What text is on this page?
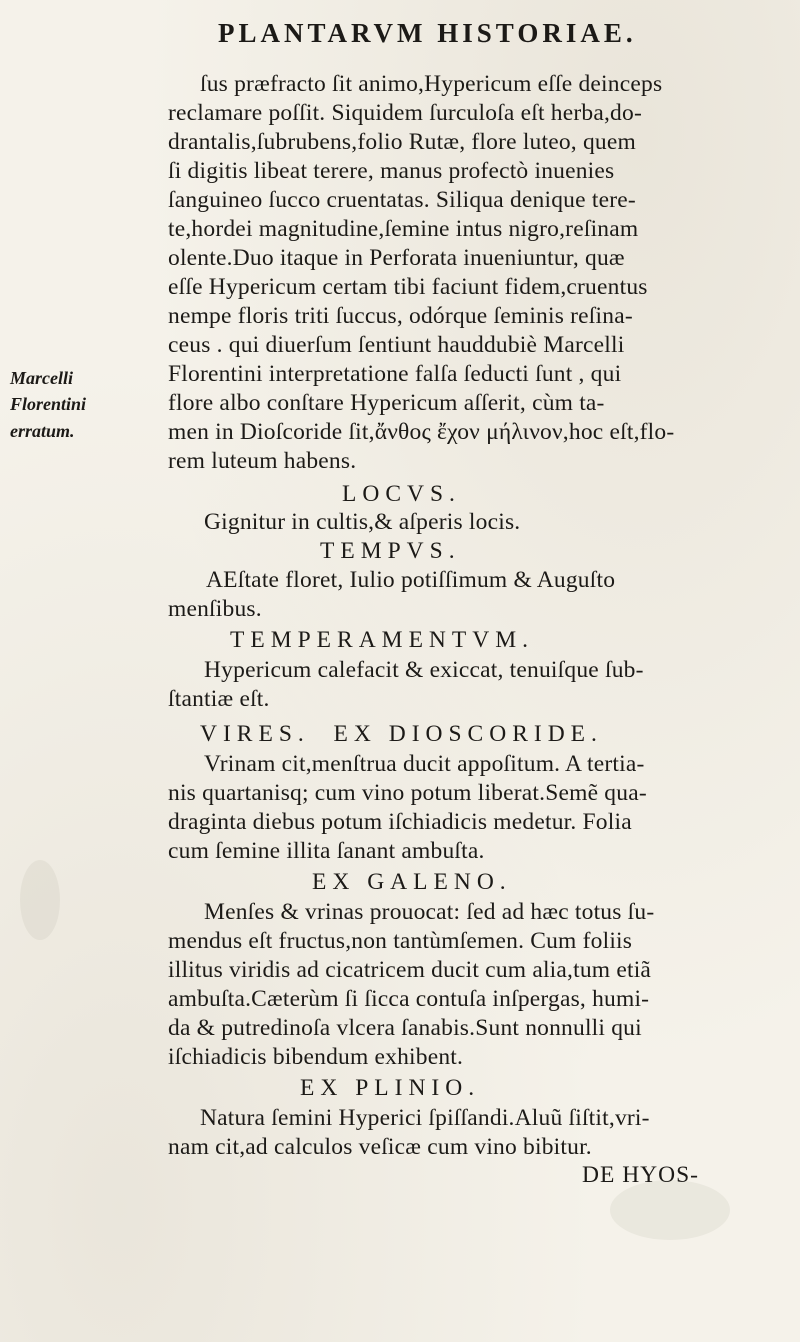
PLANTARVM HISTORIAE.
Marcelli
Florentini
erratum.
ſus præfracto ſit animo,Hypericum eſſe deinceps
reclamare poſſit. Siquidem ſurculoſa eſt herba,do-
drantalis,ſubrubens,folio Rutæ, flore luteo, quem
ſi digitis libeat terere, manus profectò inuenies
ſanguineo ſucco cruentatas. Siliqua denique tere-
te,hordei magnitudine,ſemine intus nigro,reſinam
olente.Duo itaque in Perforata inueniuntur, quæ
eſſe Hypericum certam tibi faciunt fidem,cruentus
nempe floris triti ſuccus, odórque ſeminis reſina-
ceus . qui diuerſum ſentiunt hauddubiè Marcelli
Florentini interpretatione falſa ſeducti ſunt , qui
flore albo conſtare Hypericum aſſerit, cùm ta-
men in Dioſcoride ſit,ἄνθος ἔχον μήλινον,hoc eſt,flo-
rem luteum habens.
LOCVS.
Gignitur in cultis,& aſperis locis.
TEMPVS.
AEſtate floret, Iulio potiſſimum & Auguſto
menſibus.
TEMPERAMENTVM.
Hypericum calefacit & exiccat, tenuiſque ſub-
ſtantiæ eſt.
VIRES.  EX DIOSCORIDE.
Vrinam cit,menſtrua ducit appoſitum. A tertia-
nis quartanisq; cum vino potum liberat.Semẽ qua-
draginta diebus potum iſchiadicis medetur. Folia
cum ſemine illita ſanant ambuſta.
EX GALENO.
Menſes & vrinas prouocat: ſed ad hæc totus ſu-
mendus eſt fructus,non tantùmſemen. Cum foliis
illitus viridis ad cicatricem ducit cum alia,tum etiã
ambuſta.Cæterùm ſi ſicca contuſa inſpergas, humi-
da & putredinoſa vlcera ſanabis.Sunt nonnulli qui
iſchiadicis bibendum exhibent.
EX PLINIO.
Natura ſemini Hyperici ſpiſſandi.Aluũ ſiſtit,vri-
nam cit,ad calculos veſicæ cum vino bibitur.
DE HYOS-
